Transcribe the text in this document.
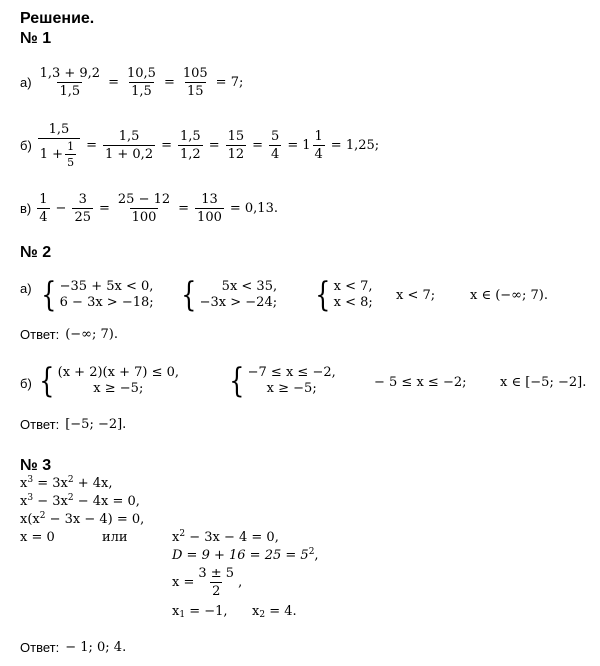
Решение.
№ 1
$а) \frac{1,3 + 9,2}{1,5} = \frac{10,5}{1,5} = \frac{105}{15} = 7$;
$б) \frac{1,5}{1 + \frac{1}{5}} = \frac{1,5}{1 + 0,2} = \frac{1,5}{1,2} = \frac{15}{12} = \frac{5}{4} = 1 \frac{1}{4} = 1,25$;
$в) \frac{1}{4} - \frac{3}{25} = \frac{25 - 12}{100} = \frac{13}{100} = 0,13$.
№ 2
а) { −35 + 5x < 0,
6 − 3x > −18; { 5x < 35,
−3x > −24; { x < 7,
x < 8; x < 7;	x ∈ (−∞; 7).
Ответ: (−∞; 7).
б) { (x + 2)(x + 7) ≤ 0,
x ≥ −5;	{ −7 ≤ x ≤ −2,
x ≥ −5;	− 5 ≤ x ≤ −2;	x ∈ [−5; −2].
Ответ: [−5; −2].
№ 3
$x^3 = 3x^2 + 4x$,
$x^3 - 3x^2 - 4x = 0$,
$x(x^2 - 3x - 4) = 0$,
x = 0	или	$x^2 - 3x - 4 = 0$,
$D = 9 + 16 = 25 = 5^2$,
$x = \frac{3 \pm 5}{2}$ ,
$x_1 = -1$, $x_2 = 4$.
Ответ: − 1; 0; 4.
